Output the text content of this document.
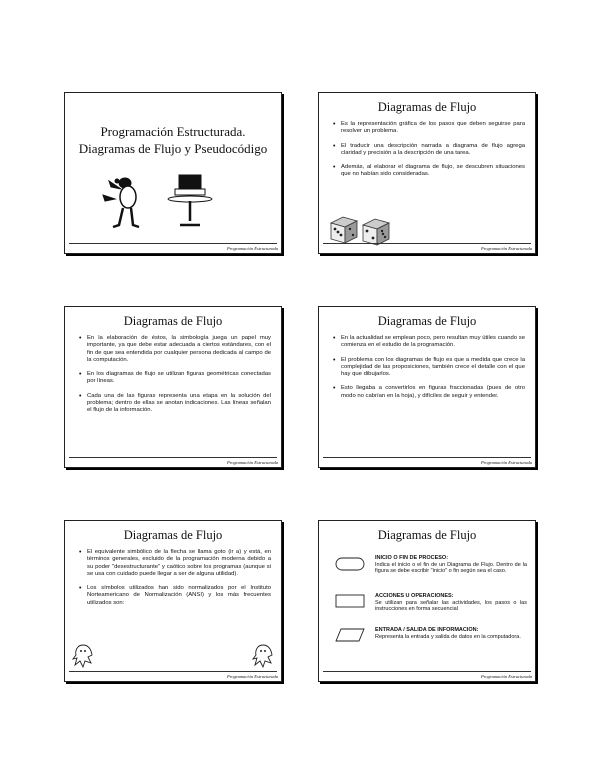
Programación Estructurada.
Diagramas de Flujo y Pseudocódigo
Programación Estructurada
Diagramas de Flujo
• Es la representación gráfica de los pasos que deben seguirse para resolver un problema.
• El traducir una descripción narrada a diagrama de flujo agrega claridad y precisión a la descripción de una tarea.
• Además, al elaborar el diagrama de flujo, se descubren situaciones que no habían sido consideradas.
Programación Estructurada
Diagramas de Flujo
• En la elaboración de éstos, la simbología juega un papel muy importante, ya que debe estar adecuada a ciertos estándares, con el fin de que sea entendida por cualquier persona dedicada al campo de la computación.
• En los diagramas de flujo se utilizan figuras geométricas conectadas por líneas.
• Cada una de las figuras representa una etapa en la solución del problema; dentro de ellas se anotan indicaciones. Las líneas señalan el flujo de la información.
Programación Estructurada
Diagramas de Flujo
• En la actualidad se emplean poco, pero resultan muy útiles cuando se comienza en el estudio de la programación.
• El problema con los diagramas de flujo es que a medida que crece la complejidad de las proposiciones, también crece el detalle con el que hay que dibujarlos.
• Esto llegaba a convertirlos en figuras fraccionadas (pues de otro modo no cabrían en la hoja), y difíciles de seguir y entender.
Programación Estructurada
Diagramas de Flujo
• El equivalente simbólico de la flecha se llama goto (ir a) y está, en términos generales, excluido de la programación moderna debido a su poder "desestructurante" y caótico sobre los programas (aunque si se usa con cuidado puede llegar a ser de alguna utilidad).
• Los símbolos utilizados han sido normalizados por el Instituto Norteamericano de Normalización (ANSI) y los más frecuentes utilizados son:
Programación Estructurada
Diagramas de Flujo
INICIO O FIN DE PROCESO:
Indica el inicio o el fin de un Diagrama de Flujo. Dentro de la figura se debe escribir "inicio" o fin según sea el caso.
ACCIONES U OPERACIONES:
Se utilizan para señalar las actividades, los pasos o las instrucciones en forma secuencial
ENTRADA / SALIDA DE INFORMACION:
Representa la entrada y salida de datos en la computadora.
Programación Estructurada
